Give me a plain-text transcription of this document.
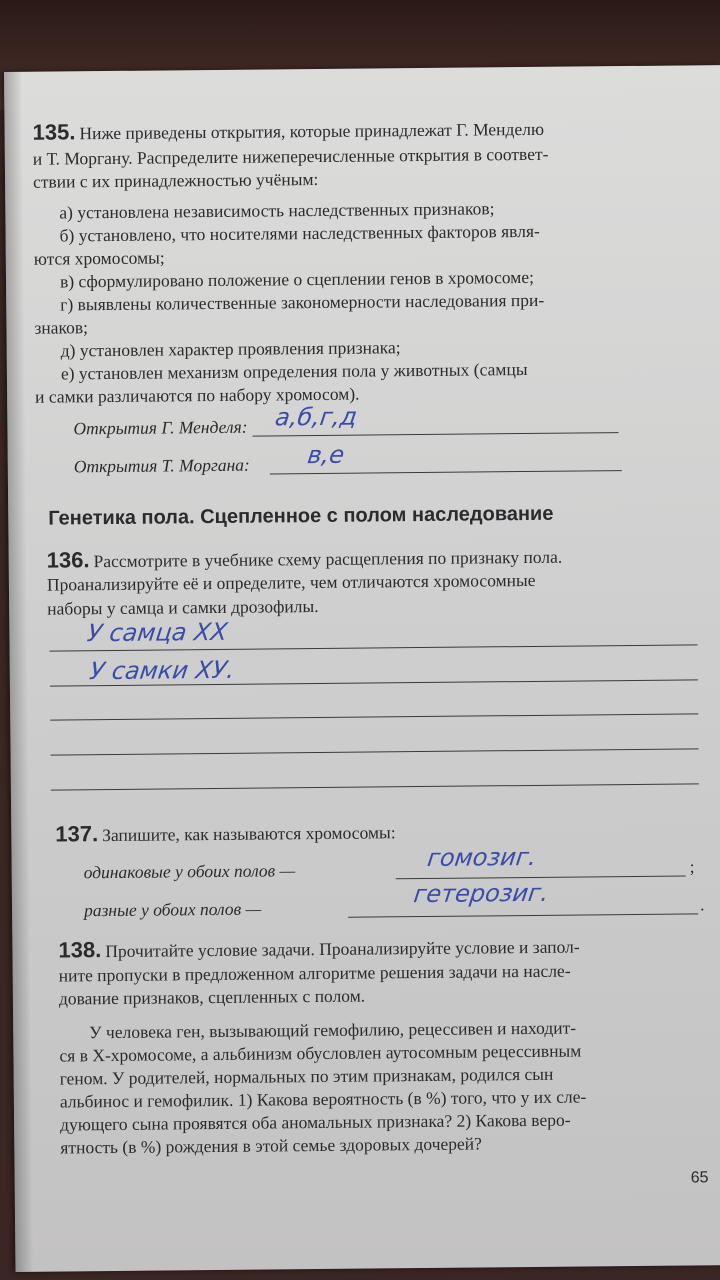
135. Ниже приведены открытия, которые принадлежат Г. Менделю
и Т. Моргану. Распределите нижеперечисленные открытия в соответ-
ствии с их принадлежностью учёным:
а) установлена независимость наследственных признаков;
б) установлено, что носителями наследственных факторов явля-
ются хромосомы;
в) сформулировано положение о сцеплении генов в хромосоме;
г) выявлены количественные закономерности наследования при-
знаков;
д) установлен характер проявления признака;
е) установлен механизм определения пола у животных (самцы
и самки различаются по набору хромосом).
Открытия Г. Менделя: а,б,г,д
Открытия Т. Моргана: в,е
Генетика пола. Сцепленное с полом наследование
136. Рассмотрите в учебнике схему расщепления по признаку пола.
Проанализируйте её и определите, чем отличаются хромосомные
наборы у самца и самки дрозофилы.
У самца ХХ
У самки ХУ.
137. Запишите, как называются хромосомы:
одинаковые у обоих полов —	гомозиг.	;
разные у обоих полов —
гетерозиг.	.
138. Прочитайте условие задачи. Проанализируйте условие и запол-
ните пропуски в предложенном алгоритме решения задачи на насле-
дование признаков, сцепленных с полом.
У человека ген, вызывающий гемофилию, рецессивен и находит-
ся в X-хромосоме, а альбинизм обусловлен аутосомным рецессивным
геном. У родителей, нормальных по этим признакам, родился сын
альбинос и гемофилик. 1) Какова вероятность (в %) того, что у их сле-
дующего сына проявятся оба аномальных признака? 2) Какова веро-
ятность (в %) рождения в этой семье здоровых дочерей?
65
